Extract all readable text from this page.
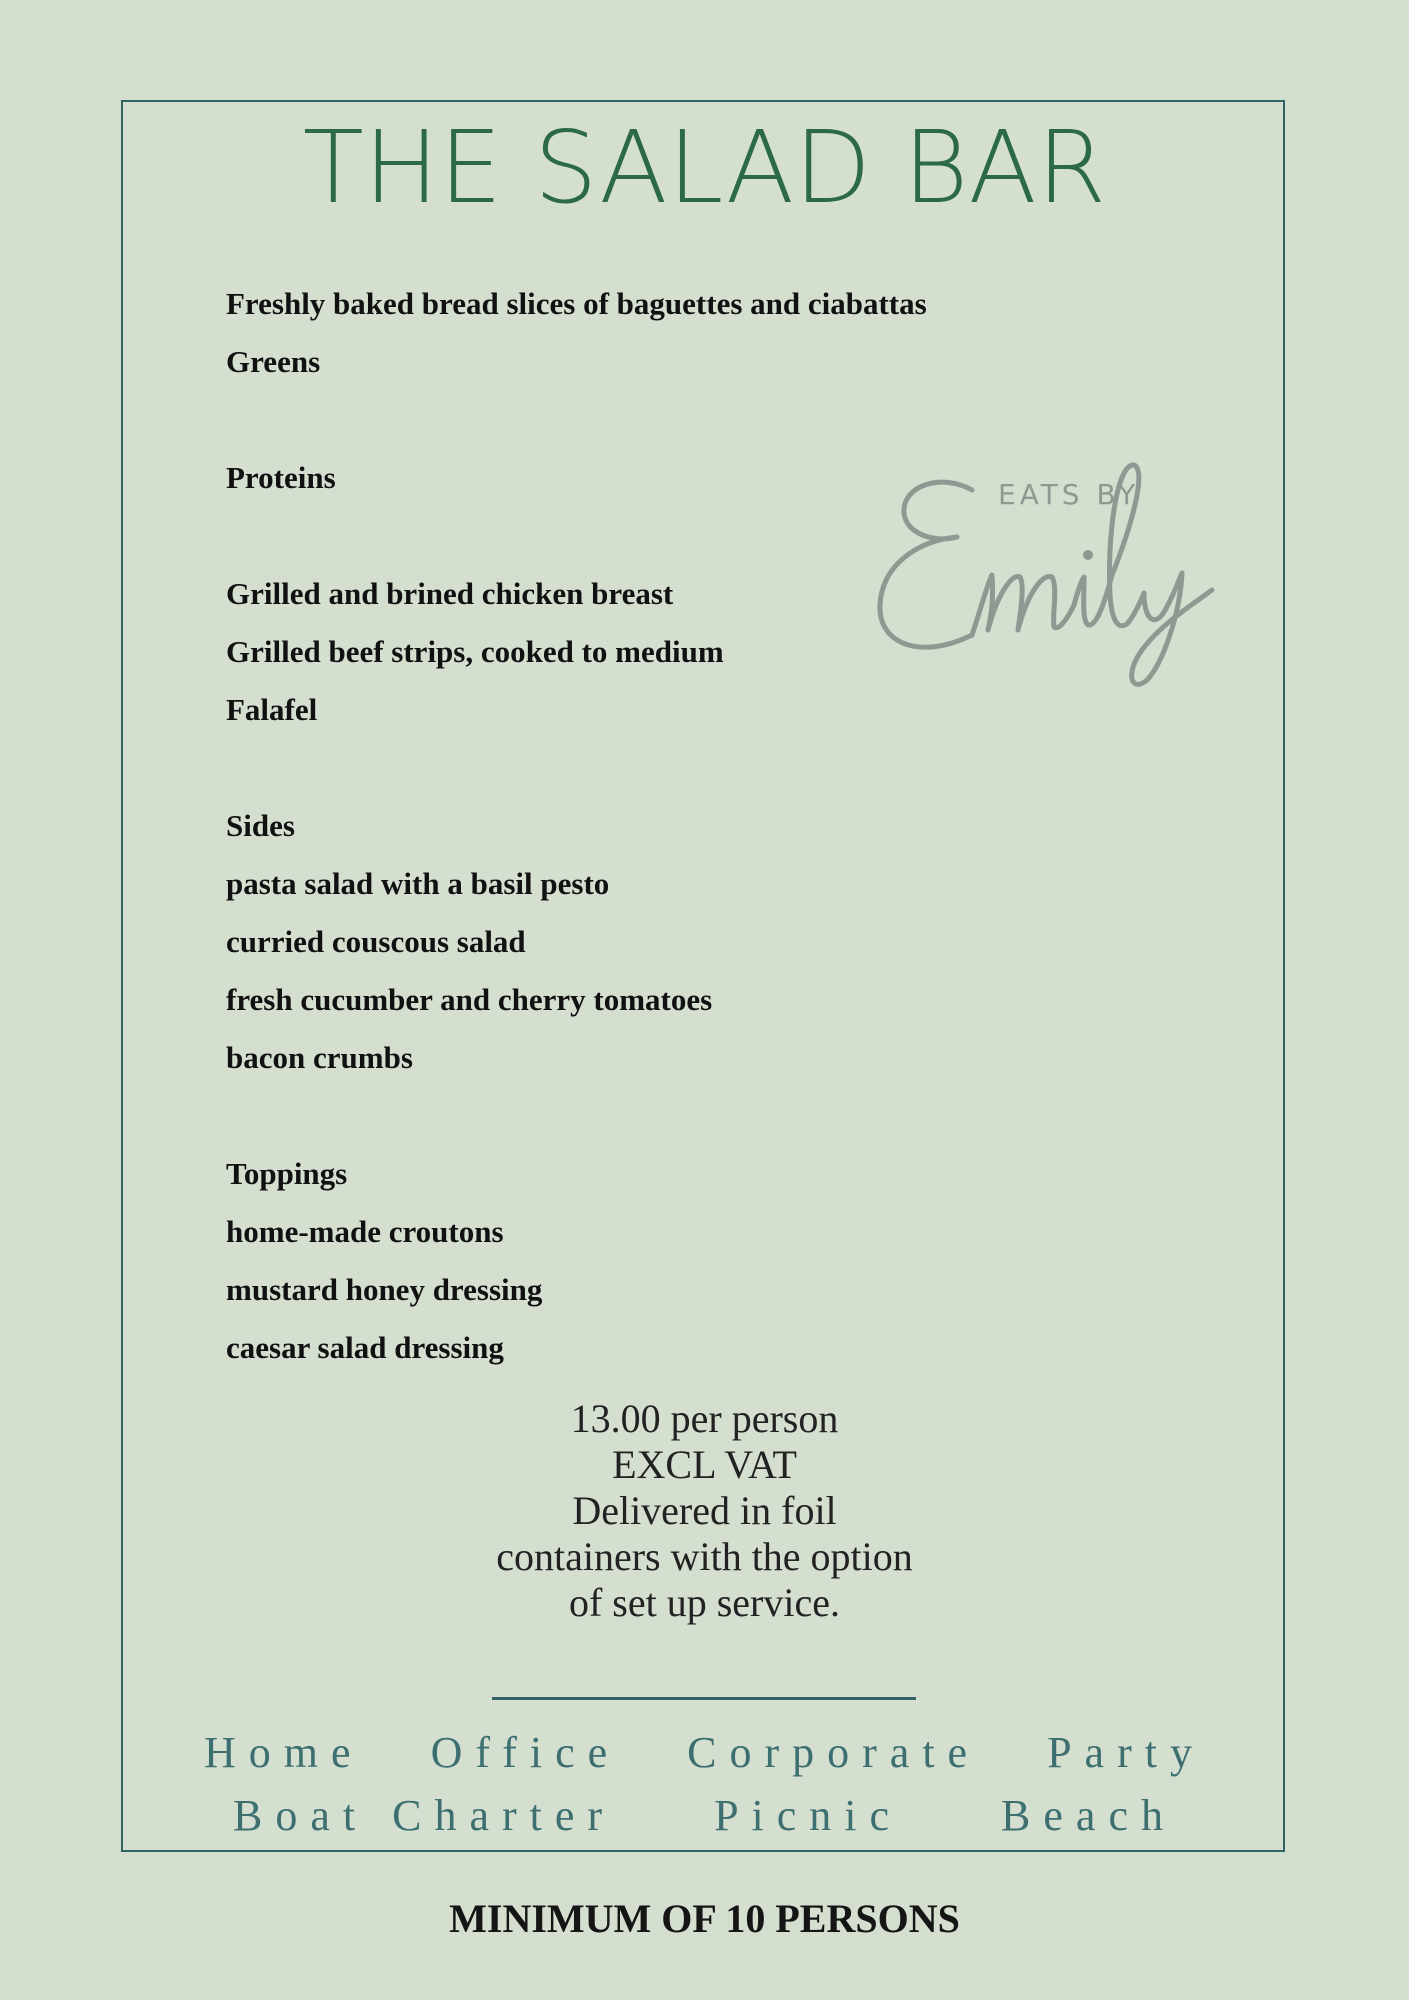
THE SALAD BAR
Freshly baked bread slices of baguettes and ciabattas
Greens
Proteins
Grilled and brined chicken breast
Grilled beef strips, cooked to medium
Falafel
Sides
pasta salad with a basil pesto
curried couscous salad
fresh cucumber and cherry tomatoes
bacon crumbs
Toppings
home-made croutons
mustard honey dressing
caesar salad dressing
EATS BY
13.00 per person
EXCL VAT
Delivered in foil
containers with the option
of set up service.
Home Office Corporate Party
Boat Charter Picnic Beach
MINIMUM OF 10 PERSONS
